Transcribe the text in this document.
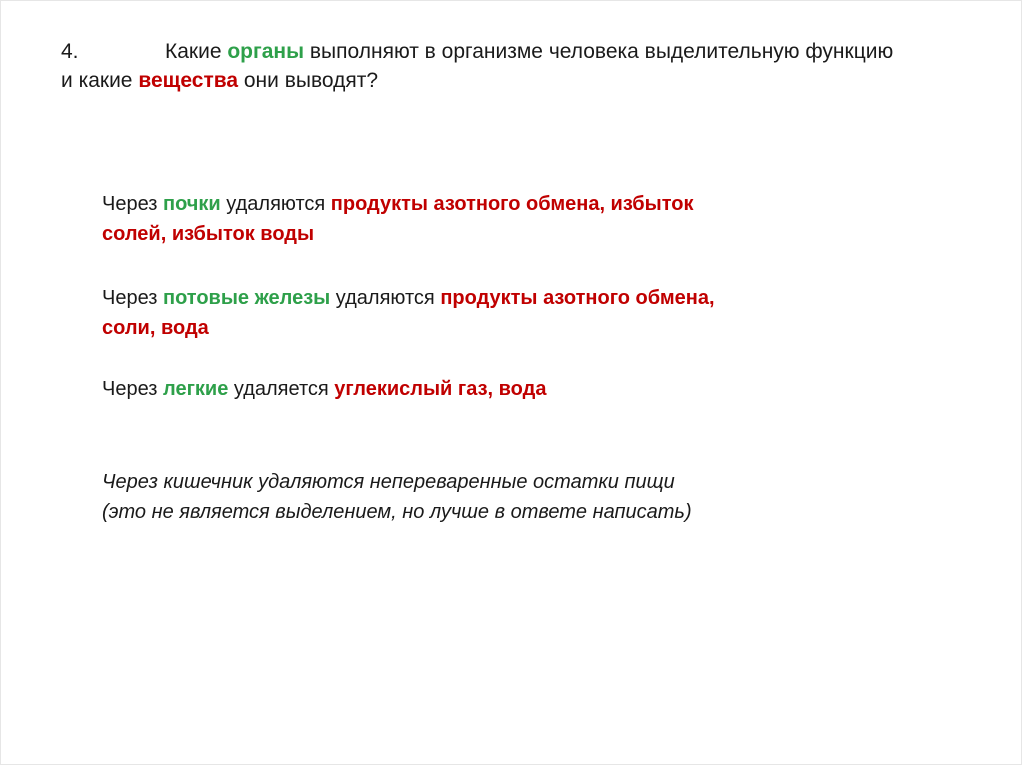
4.	Какие органы выполняют в организме человека выделительную функцию
и какие вещества они выводят?
Через почки удаляются продукты азотного обмена, избыток
солей, избыток воды
Через потовые железы удаляются продукты азотного обмена,
соли, вода
Через легкие удаляется углекислый газ, вода
Через кишечник удаляются непереваренные остатки пищи
(это не является выделением, но лучше в ответе написать)
